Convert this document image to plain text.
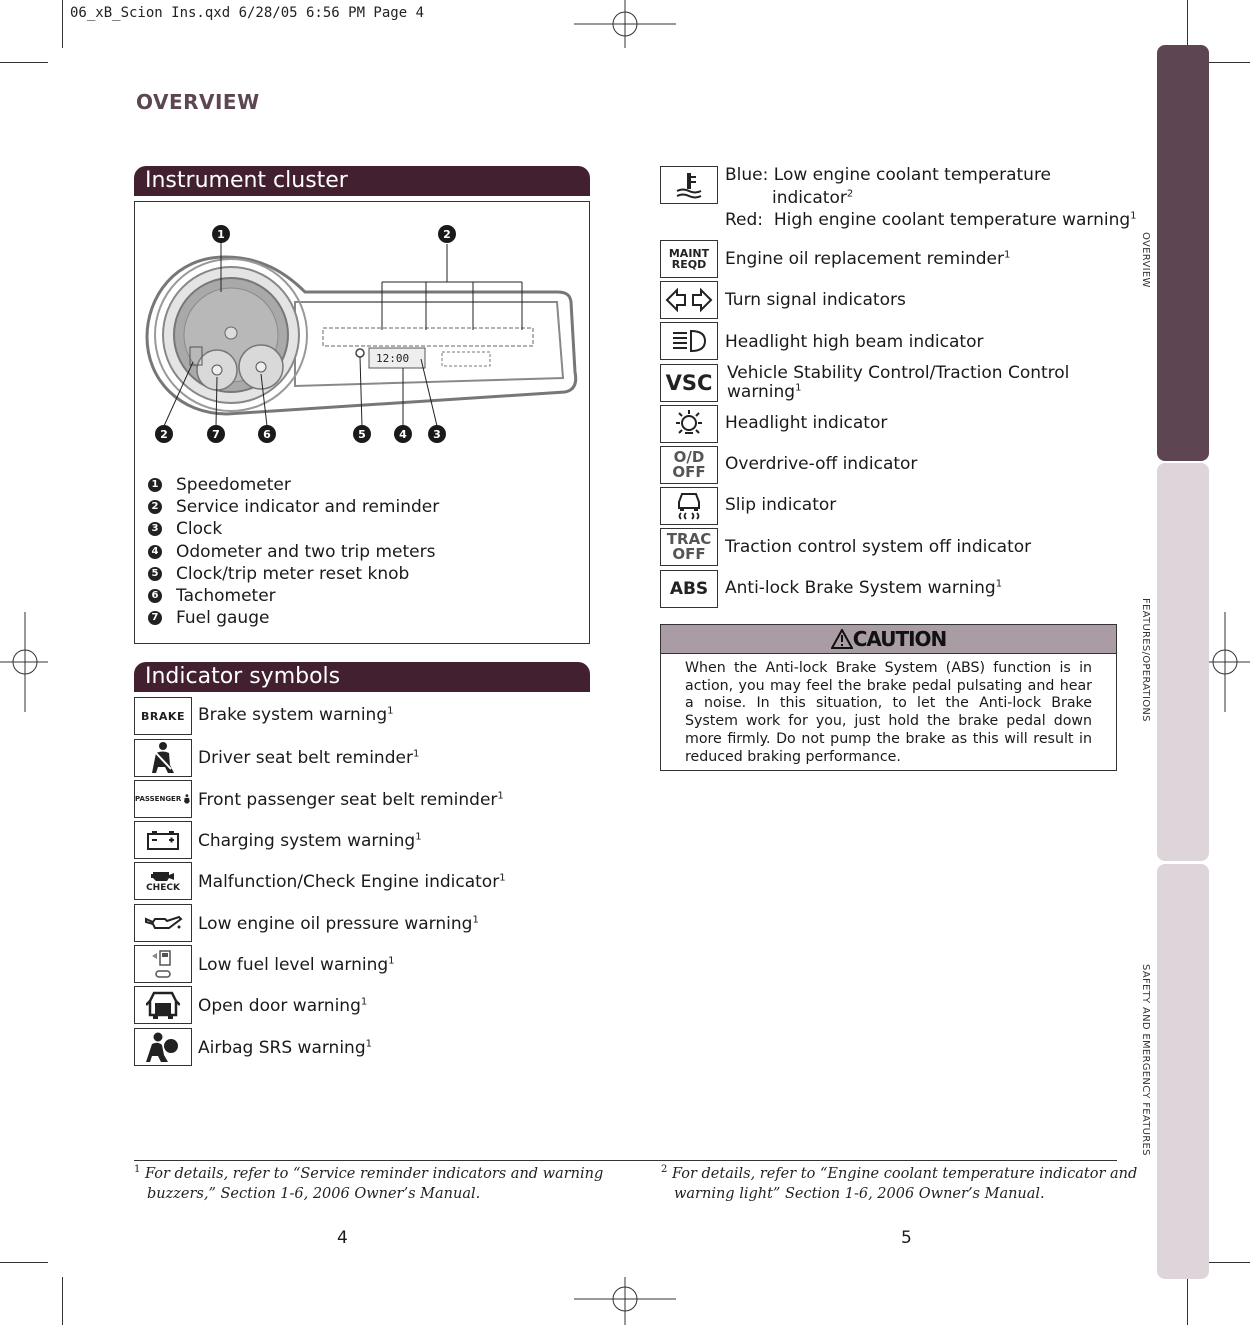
06_xB_Scion Ins.qxd 6/28/05 6:56 PM Page 4
OVERVIEW
OVERVIEW
FEATURES/OPERATIONS
SAFETY AND EMERGENCY FEATURES
Instrument cluster
12:00
1	2
2	7	6	5	4 3
1 Speedometer
2 Service indicator and reminder
3 Clock
4 Odometer and two trip meters
5 Clock/trip meter reset knob
6 Tachometer
7 Fuel gauge
Indicator symbols
BRAKE Brake system warning$^1$
Driver seat belt reminder$^1$
PASSENGER Front passenger seat belt reminder$^1$
Charging system warning$^1$
CHECK Malfunction/Check Engine indicator$^1$
Low engine oil pressure warning$^1$
Low fuel level warning$^1$
Open door warning$^1$
Airbag SRS warning$^1$
Blue: Low engine coolant temperature
indicator$^2$
Red: High engine coolant temperature warning$^1$
MAINT
REQD Engine oil replacement reminder$^1$
Turn signal indicators
Headlight high beam indicator
VSC Vehicle Stability Control/Traction Control
warning$^1$
Headlight indicator
O/D
OFF Overdrive-off indicator
Slip indicator
TRAC
OFF Traction control system off indicator
ABS Anti-lock Brake System warning$^1$
CAUTION
When the Anti-lock Brake System (ABS) function is in action, you may feel the brake pedal pulsating and hear a noise. In this situation, to let the Anti-lock Brake System work for you, just hold the brake pedal down more firmly. Do not pump the brake as this will result in reduced braking performance.
$^1$ For details, refer to “Service reminder indicators and warning
buzzers,” Section 1-6, 2006 Owner’s Manual.
$^2$ For details, refer to “Engine coolant temperature indicator and
warning light” Section 1-6, 2006 Owner’s Manual.
4	5
